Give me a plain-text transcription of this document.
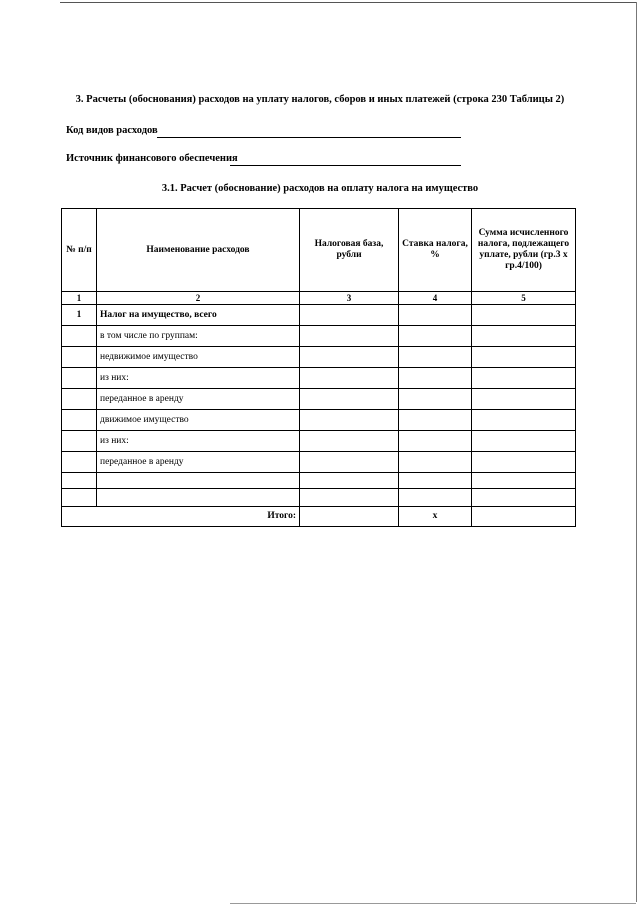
3. Расчеты (обоснования) расходов на уплату налогов, сборов и иных платежей (строка 230 Таблицы 2)
Код видов расходов
Источник финансового обеспечения
3.1. Расчет (обоснование) расходов на оплату налога на имущество
№ п/п	Наименование расходов	Налоговая база, рубли	Ставка налога, %	Сумма исчисленного налога, подлежащего уплате, рубли (гр.3 x гр.4/100)
1	2	3	4	5
1	Налог на имущество, всего			
	в том числе по группам:			
	недвижимое имущество			
	из них:			
	переданное в аренду			
	движимое имущество			
	из них:			
	переданное в аренду			

Итого:			x	
